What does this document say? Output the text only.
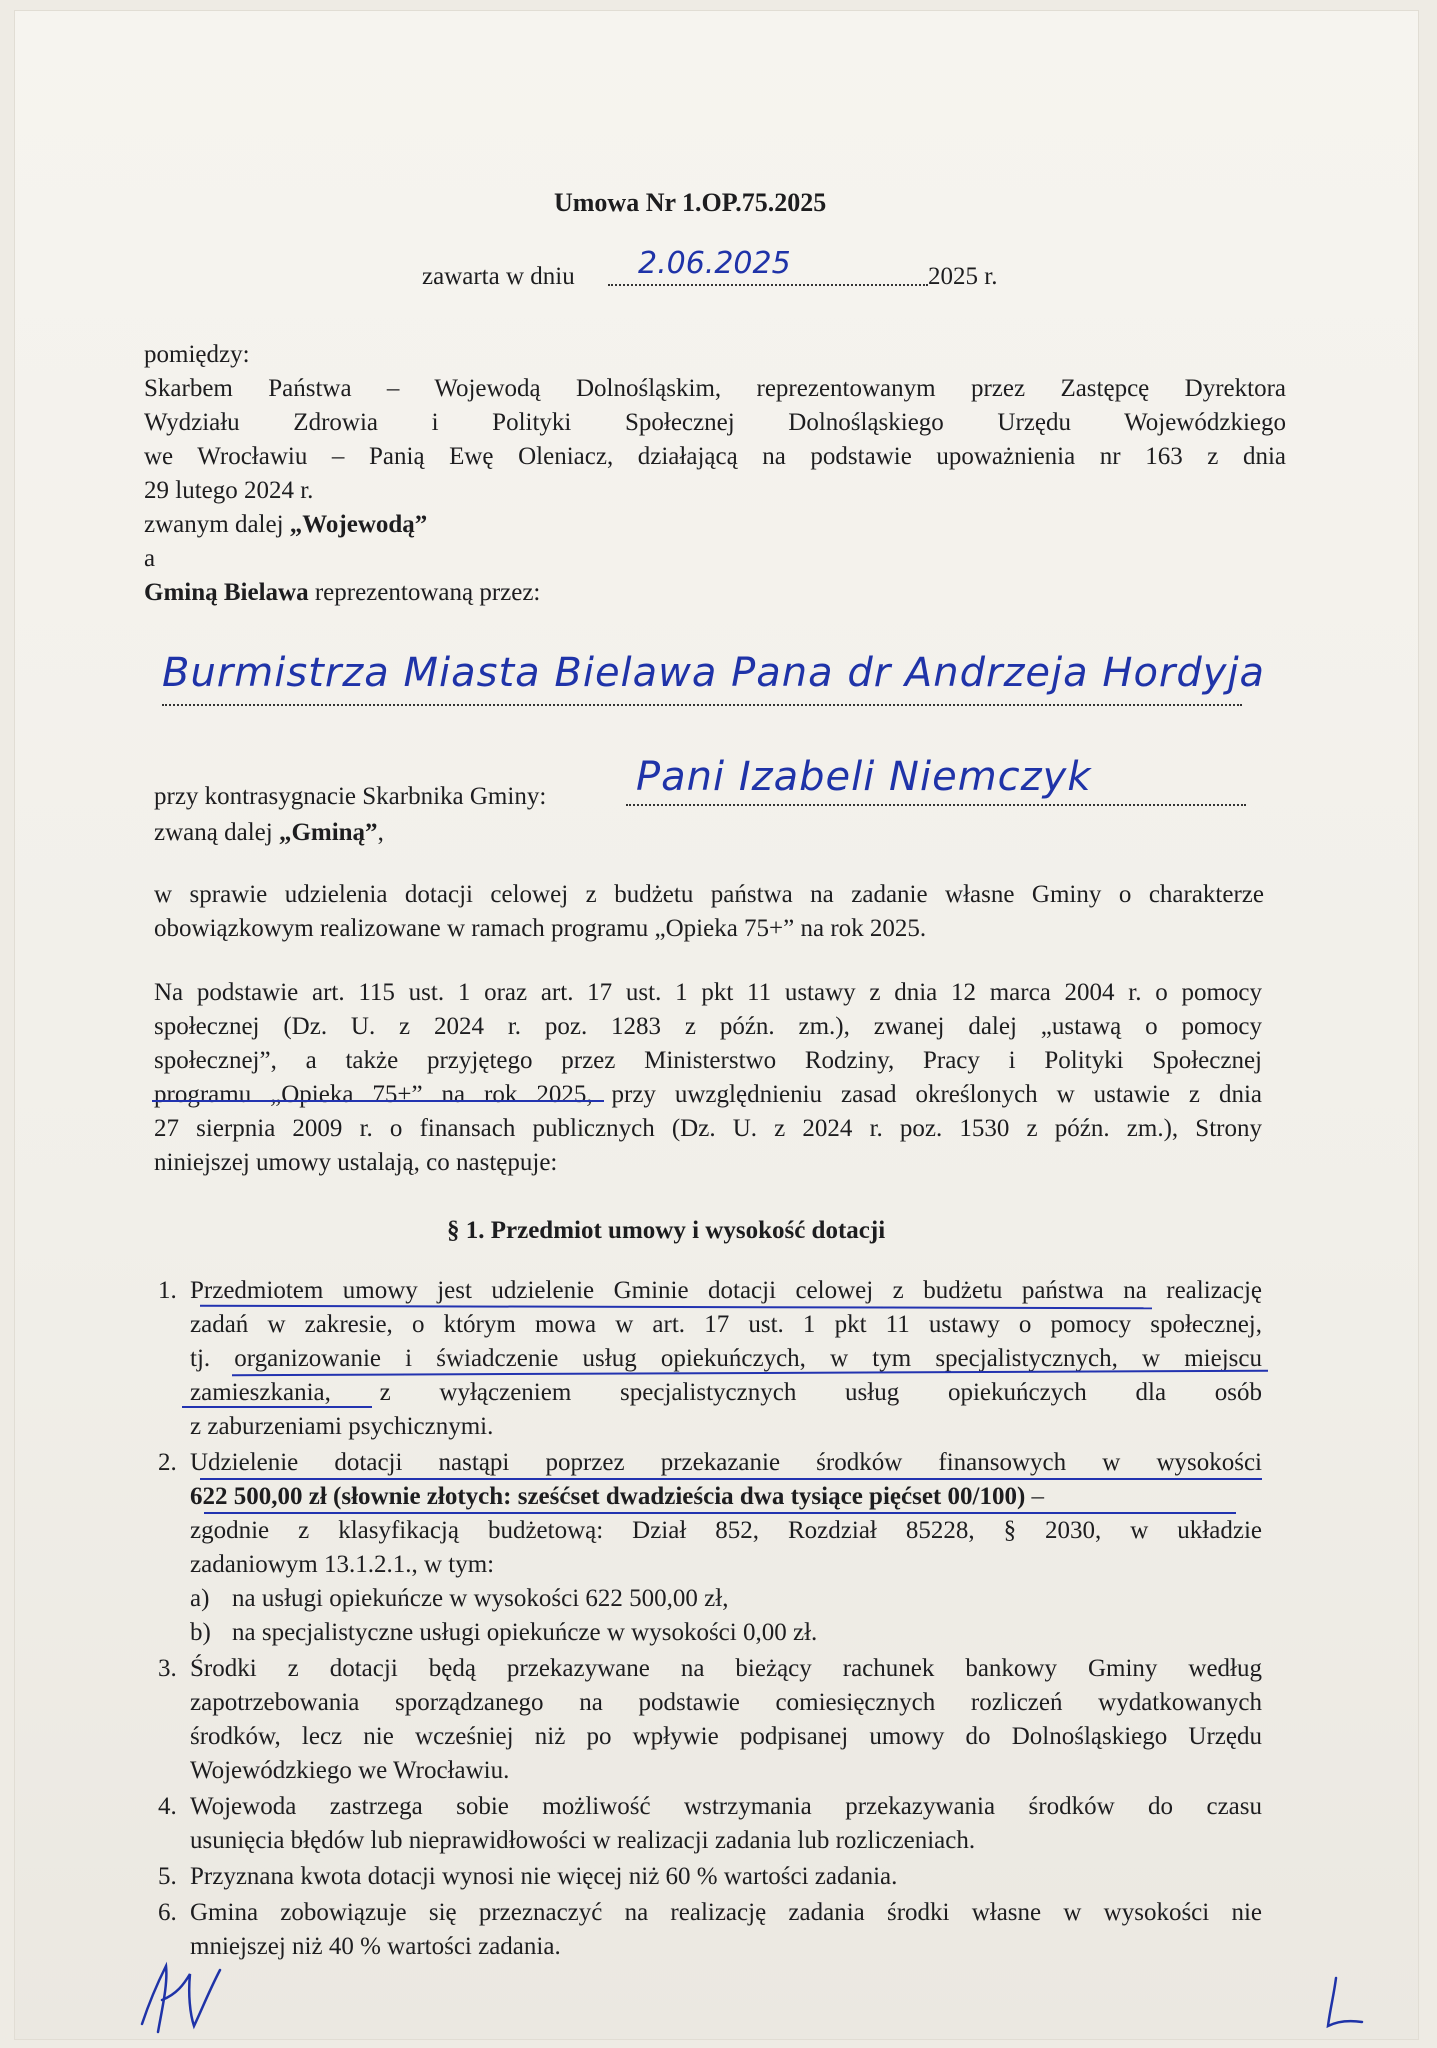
Umowa Nr 1.OP.75.2025
zawarta w dniu 2.06.2025	2025 r.
pomiędzy:
Skarbem Państwa – Wojewodą Dolnośląskim, reprezentowanym przez Zastępcę Dyrektora
Wydziału Zdrowia i Polityki Społecznej Dolnośląskiego Urzędu Wojewódzkiego
we Wrocławiu – Panią Ewę Oleniacz, działającą na podstawie upoważnienia nr 163 z dnia
29 lutego 2024 r.
zwanym dalej „Wojewodą”
a
Gminą Bielawa reprezentowaną przez:
Burmistrza Miasta Bielawa Pana dr Andrzeja Hordyja
przy kontrasygnacie Skarbnika Gminy: Pani Izabeli Niemczyk
zwaną dalej „Gminą”,
w sprawie udzielenia dotacji celowej z budżetu państwa na zadanie własne Gminy o charakterze
obowiązkowym realizowane w ramach programu „Opieka 75+” na rok 2025.
Na podstawie art. 115 ust. 1 oraz art. 17 ust. 1 pkt 11 ustawy z dnia 12 marca 2004 r. o pomocy
społecznej (Dz. U. z 2024 r. poz. 1283 z późn. zm.), zwanej dalej „ustawą o pomocy
społecznej”, a także przyjętego przez Ministerstwo Rodziny, Pracy i Polityki Społecznej
programu „Opieka 75+” na rok 2025, przy uwzględnieniu zasad określonych w ustawie z dnia
27 sierpnia 2009 r. o finansach publicznych (Dz. U. z 2024 r. poz. 1530 z późn. zm.), Strony
niniejszej umowy ustalają, co następuje:
§ 1. Przedmiot umowy i wysokość dotacji
1. Przedmiotem umowy jest udzielenie Gminie dotacji celowej z budżetu państwa na realizację
zadań w zakresie, o którym mowa w art. 17 ust. 1 pkt 11 ustawy o pomocy społecznej,
tj. organizowanie i świadczenie usług opiekuńczych, w tym specjalistycznych, w miejscu
zamieszkania, z wyłączeniem specjalistycznych usług opiekuńczych dla osób
z zaburzeniami psychicznymi.
2. Udzielenie dotacji nastąpi poprzez przekazanie środków finansowych w wysokości
622 500,00 zł (słownie złotych: sześćset dwadzieścia dwa tysiące pięćset 00/100) –
zgodnie z klasyfikacją budżetową: Dział 852, Rozdział 85228, § 2030, w układzie
zadaniowym 13.1.2.1., w tym:
a) na usługi opiekuńcze w wysokości 622 500,00 zł,
b) na specjalistyczne usługi opiekuńcze w wysokości 0,00 zł.
3. Środki z dotacji będą przekazywane na bieżący rachunek bankowy Gminy według
zapotrzebowania sporządzanego na podstawie comiesięcznych rozliczeń wydatkowanych
środków, lecz nie wcześniej niż po wpływie podpisanej umowy do Dolnośląskiego Urzędu
Wojewódzkiego we Wrocławiu.
4. Wojewoda zastrzega sobie możliwość wstrzymania przekazywania środków do czasu
usunięcia błędów lub nieprawidłowości w realizacji zadania lub rozliczeniach.
5. Przyznana kwota dotacji wynosi nie więcej niż 60 % wartości zadania.
6. Gmina zobowiązuje się przeznaczyć na realizację zadania środki własne w wysokości nie
mniejszej niż 40 % wartości zadania.
